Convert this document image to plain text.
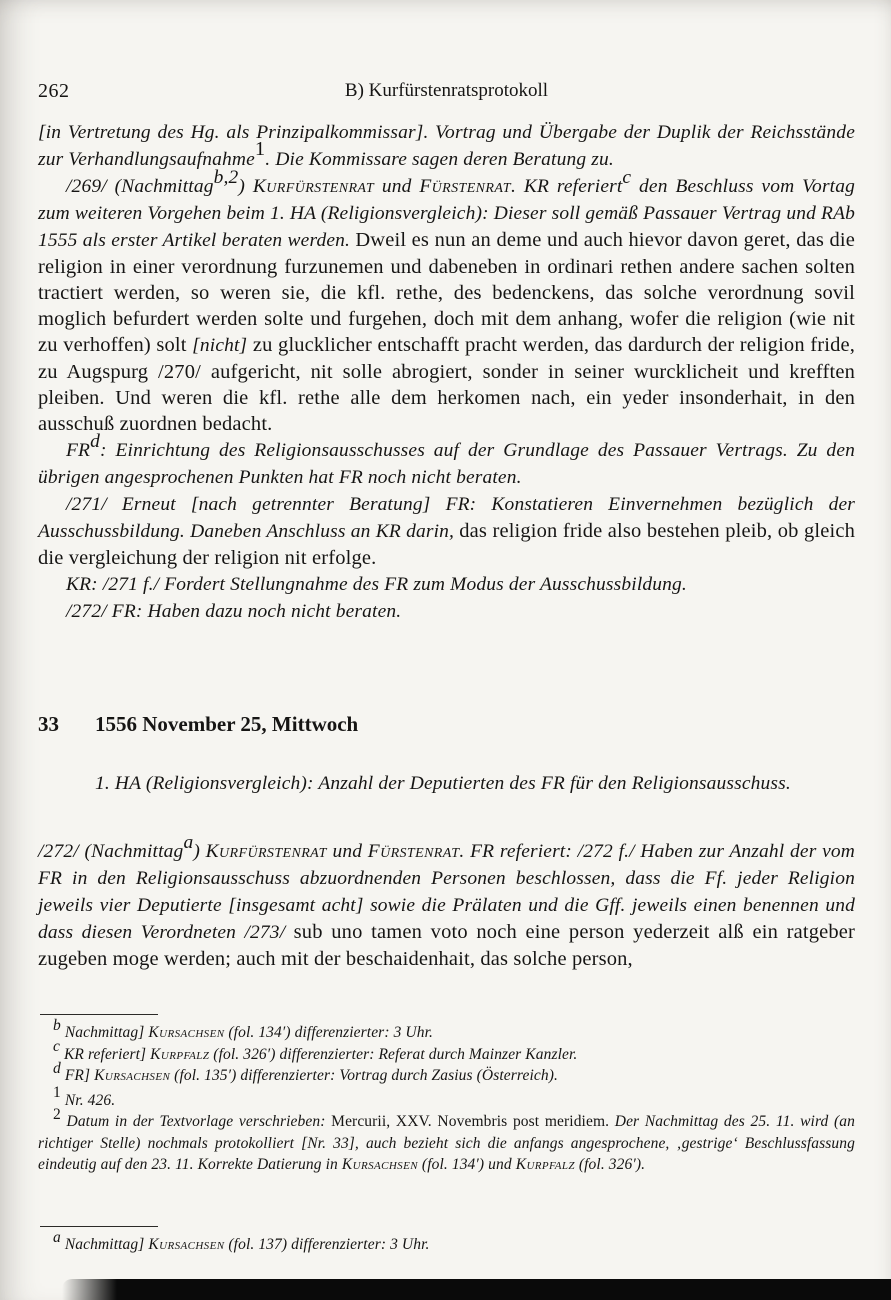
262	B) Kurfürstenratsprotokoll

[in Vertretung des Hg. als Prinzipalkommissar]. Vortrag und Übergabe der Duplik der Reichsstände zur Verhandlungsaufnahme$^1$. Die Kommissare sagen deren Beratung zu.

/269/ (Nachmittag$^{b,2}$) Kurfürstenrat und Fürstenrat. KR referiert$^c$ den Beschluss vom Vortag zum weiteren Vorgehen beim 1. HA (Religionsvergleich): Dieser soll gemäß Passauer Vertrag und RAb 1555 als erster Artikel beraten werden. Dweil es nun an deme und auch hievor davon geret, das die religion in einer verordnung furzunemen und dabeneben in ordinari rethen andere sachen solten tractiert werden, so weren sie, die kfl. rethe, des bedenckens, das solche verordnung sovil moglich befurdert werden solte und furgehen, doch mit dem anhang, wofer die religion (wie nit zu verhoffen) solt [nicht] zu glucklicher entschafft pracht werden, das dardurch der religion fride, zu Augspurg /270/ aufgericht, nit solle abrogiert, sonder in seiner wurcklicheit und krefften pleiben. Und weren die kfl. rethe alle dem herkomen nach, ein yeder insonderhait, in den ausschuß zuordnen bedacht.

$FR^d$: Einrichtung des Religionsausschusses auf der Grundlage des Passauer Vertrags. Zu den übrigen angesprochenen Punkten hat FR noch nicht beraten.

/271/ Erneut [nach getrennter Beratung] FR: Konstatieren Einvernehmen bezüglich der Ausschussbildung. Daneben Anschluss an KR darin, das religion fride also bestehen pleib, ob gleich die vergleichung der religion nit erfolge.

KR: /271 f./ Fordert Stellungnahme des FR zum Modus der Ausschussbildung.

/272/ FR: Haben dazu noch nicht beraten.

33 1556 November 25, Mittwoch

1. HA (Religionsvergleich): Anzahl der Deputierten des FR für den Religionsausschuss.

/272/ (Nachmittag$^a$) Kurfürstenrat und Fürstenrat. FR referiert: /272 f./ Haben zur Anzahl der vom FR in den Religionsausschuss abzuordnenden Personen beschlossen, dass die Ff. jeder Religion jeweils vier Deputierte [insgesamt acht] sowie die Prälaten und die Gff. jeweils einen benennen und dass diesen Verordneten /273/ sub uno tamen voto noch eine person yederzeit alß ein ratgeber zugeben moge werden; auch mit der beschaidenhait, das solche person,

$^b$ Nachmittag] Kursachsen (fol. 134′) differenzierter: 3 Uhr.

$^c$ KR referiert] Kurpfalz (fol. 326′) differenzierter: Referat durch Mainzer Kanzler.

$^d$ FR] Kursachsen (fol. 135′) differenzierter: Vortrag durch Zasius (Österreich).

$^1$ Nr. 426.

$^2$ Datum in der Textvorlage verschrieben: Mercurii, XXV. Novembris post meridiem. Der Nachmittag des 25. 11. wird (an richtiger Stelle) nochmals protokolliert [Nr. 33], auch bezieht sich die anfangs angesprochene, ‚gestrige‘ Beschlussfassung eindeutig auf den 23. 11. Korrekte Datierung in Kursachsen (fol. 134′) und Kurpfalz (fol. 326′).

$^a$ Nachmittag] Kursachsen (fol. 137) differenzierter: 3 Uhr.
